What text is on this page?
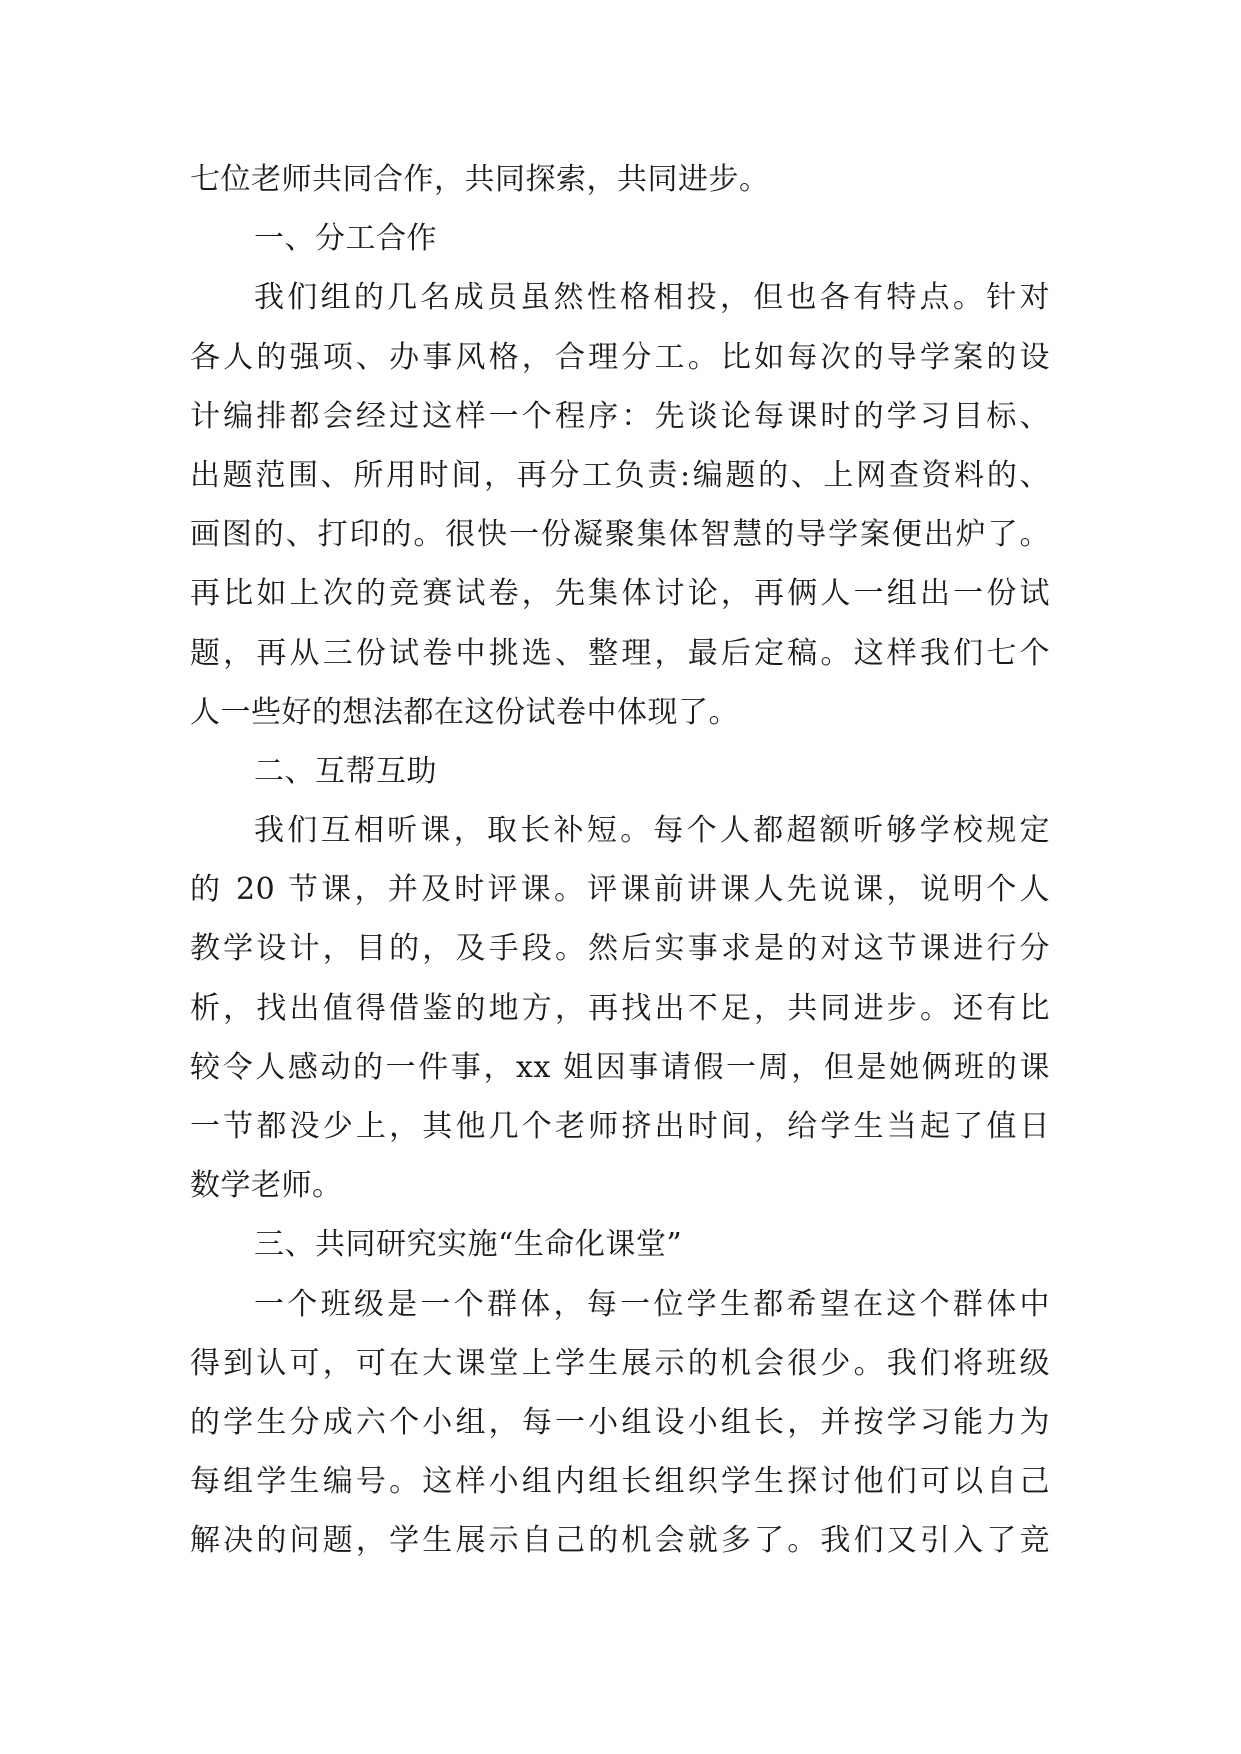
七位老师共同合作，共同探索，共同进步。
一、分工合作
我们组的几名成员虽然性格相投，但也各有特点。针对
各人的强项、办事风格，合理分工。比如每次的导学案的设
计编排都会经过这样一个程序：先谈论每课时的学习目标、
出题范围、所用时间，再分工负责:编题的、上网查资料的、
画图的、打印的。很快一份凝聚集体智慧的导学案便出炉了。
再比如上次的竞赛试卷，先集体讨论，再俩人一组出一份试
题，再从三份试卷中挑选、整理，最后定稿。这样我们七个
人一些好的想法都在这份试卷中体现了。
二、互帮互助
我们互相听课，取长补短。每个人都超额听够学校规定
的 20 节课，并及时评课。评课前讲课人先说课，说明个人
教学设计，目的，及手段。然后实事求是的对这节课进行分
析，找出值得借鉴的地方，再找出不足，共同进步。还有比
较令人感动的一件事，xx 姐因事请假一周，但是她俩班的课
一节都没少上，其他几个老师挤出时间，给学生当起了值日
数学老师。
三、共同研究实施“生命化课堂”
一个班级是一个群体，每一位学生都希望在这个群体中
得到认可，可在大课堂上学生展示的机会很少。我们将班级
的学生分成六个小组，每一小组设小组长，并按学习能力为
每组学生编号。这样小组内组长组织学生探讨他们可以自己
解决的问题，学生展示自己的机会就多了。我们又引入了竞
